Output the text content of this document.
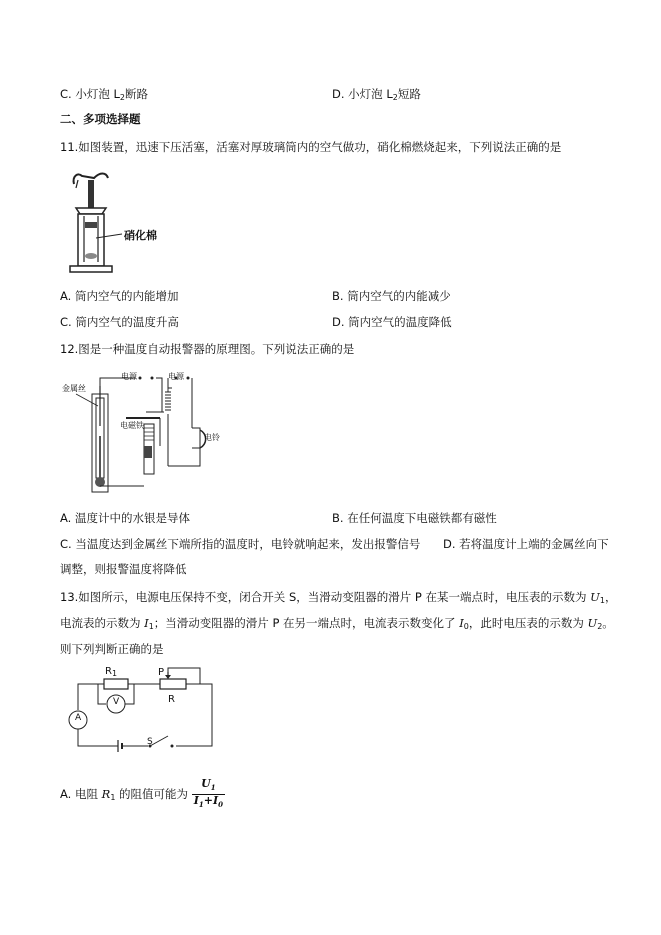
C. 小灯泡 $L_2$断路	D. 小灯泡 $L_2$短路
二、多项选择题
11.如图装置，迅速下压活塞，活塞对厚玻璃筒内的空气做功，硝化棉燃烧起来，下列说法正确的是
硝化棉
A. 筒内空气的内能增加	B. 筒内空气的内能减少
C. 筒内空气的温度升高	D. 筒内空气的温度降低
12.图是一种温度自动报警器的原理图。下列说法正确的是
金属丝
电源	电源
电磁铁
电铃
A. 温度计中的水银是导体	B. 在任何温度下电磁铁都有磁性
C. 当温度达到金属丝下端所指的温度时，电铃就响起来，发出报警信号 D. 若将温度计上端的金属丝向下
调整，则报警温度将降低
13.如图所示，电源电压保持不变，闭合开关 S，当滑动变阻器的滑片 P 在某一端点时，电压表的示数为 $U_1$，
电流表的示数为 $I_1$；当滑动变阻器的滑片 P 在另一端点时，电流表示数变化了 $I_0$，此时电压表的示数为 $U_2$。
则下列判断正确的是
$R_1$	P
R
V
A
S
A. 电阻 $R_1$ 的阻值可能为 $\frac{U_1}{I_1+I_0}$
